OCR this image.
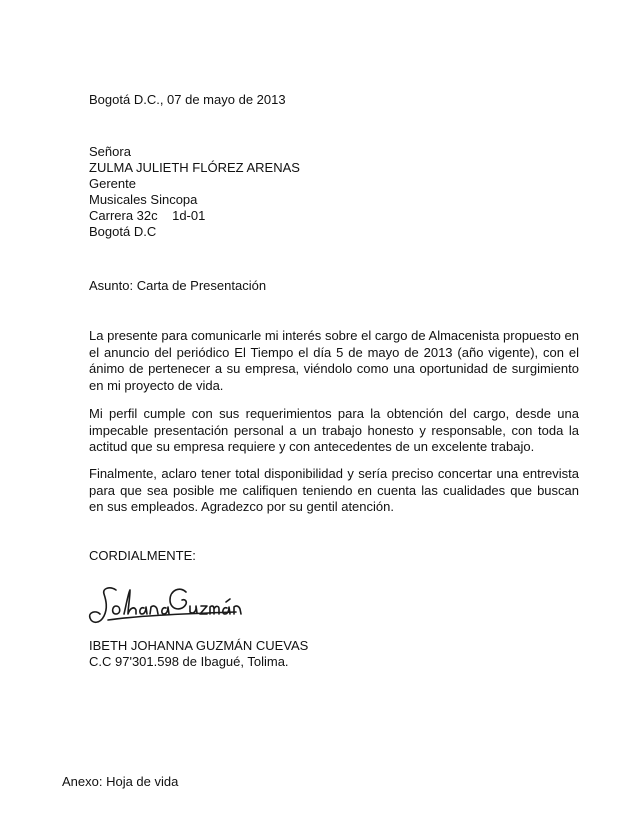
Bogotá D.C., 07 de mayo de 2013
Señora
ZULMA JULIETH FLÓREZ ARENAS
Gerente
Musicales Sincopa
Carrera 32c    1d-01
Bogotá D.C
Asunto: Carta de Presentación
La presente para comunicarle mi interés sobre el cargo de Almacenista propuesto en el anuncio del periódico El Tiempo el día 5 de mayo de 2013 (año vigente), con el ánimo de pertenecer a su empresa, viéndolo como una oportunidad de surgimiento en mi proyecto de vida.
Mi perfil cumple con sus requerimientos para la obtención del cargo, desde una impecable presentación personal a un trabajo honesto y responsable, con toda la actitud que su empresa requiere y con antecedentes de un excelente trabajo.
Finalmente, aclaro tener total disponibilidad y sería preciso concertar una entrevista para que sea posible me califiquen teniendo en cuenta las cualidades que buscan en sus empleados. Agradezco por su gentil atención.
CORDIALMENTE:
IBETH JOHANNA GUZMÁN CUEVAS
C.C 97'301.598 de Ibagué, Tolima.
Anexo: Hoja de vida
